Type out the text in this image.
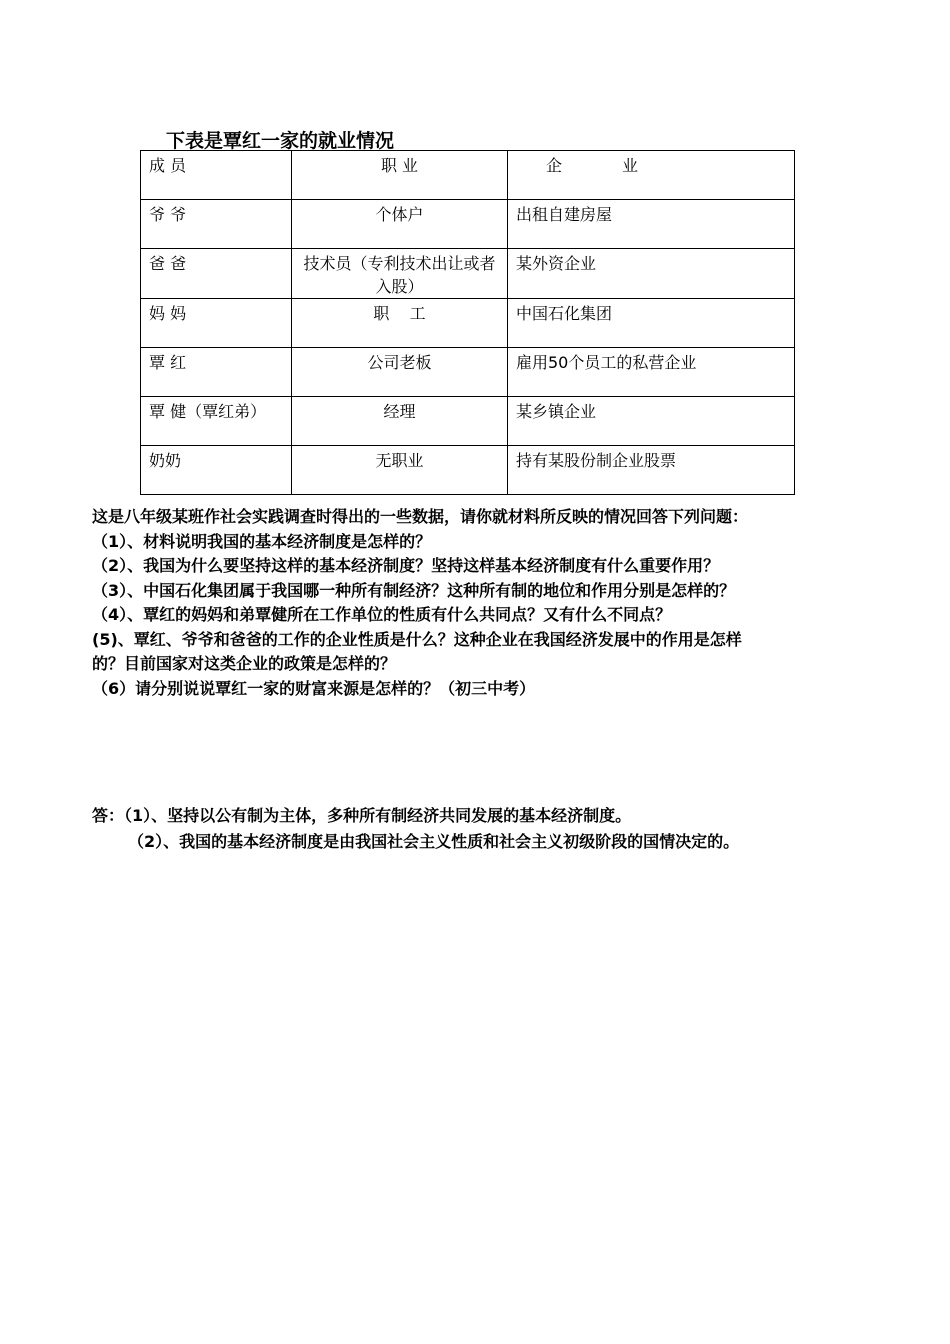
下表是覃红一家的就业情况
成 员	职 业	企 业
爷 爷	个体户	出租自建房屋
爸 爸	技术员（专利技术出让或者入股）	某外资企业
妈 妈	职    工	中国石化集团
覃 红	公司老板	雇用50个员工的私营企业
覃 健（覃红弟）	经理	某乡镇企业
奶奶	无职业	持有某股份制企业股票

这是八年级某班作社会实践调查时得出的一些数据，请你就材料所反映的情况回答下列问题：

（1）、材料说明我国的基本经济制度是怎样的？

（2）、我国为什么要坚持这样的基本经济制度？坚持这样基本经济制度有什么重要作用？

（3）、中国石化集团属于我国哪一种所有制经济？这种所有制的地位和作用分别是怎样的？

（4）、覃红的妈妈和弟覃健所在工作单位的性质有什么共同点？又有什么不同点？

(5)、覃红、爷爷和爸爸的工作的企业性质是什么？这种企业在我国经济发展中的作用是怎样

的？目前国家对这类企业的政策是怎样的？

（6）请分别说说覃红一家的财富来源是怎样的？（初三中考）

答：（1）、坚持以公有制为主体，多种所有制经济共同发展的基本经济制度。

（2）、我国的基本经济制度是由我国社会主义性质和社会主义初级阶段的国情决定的。
